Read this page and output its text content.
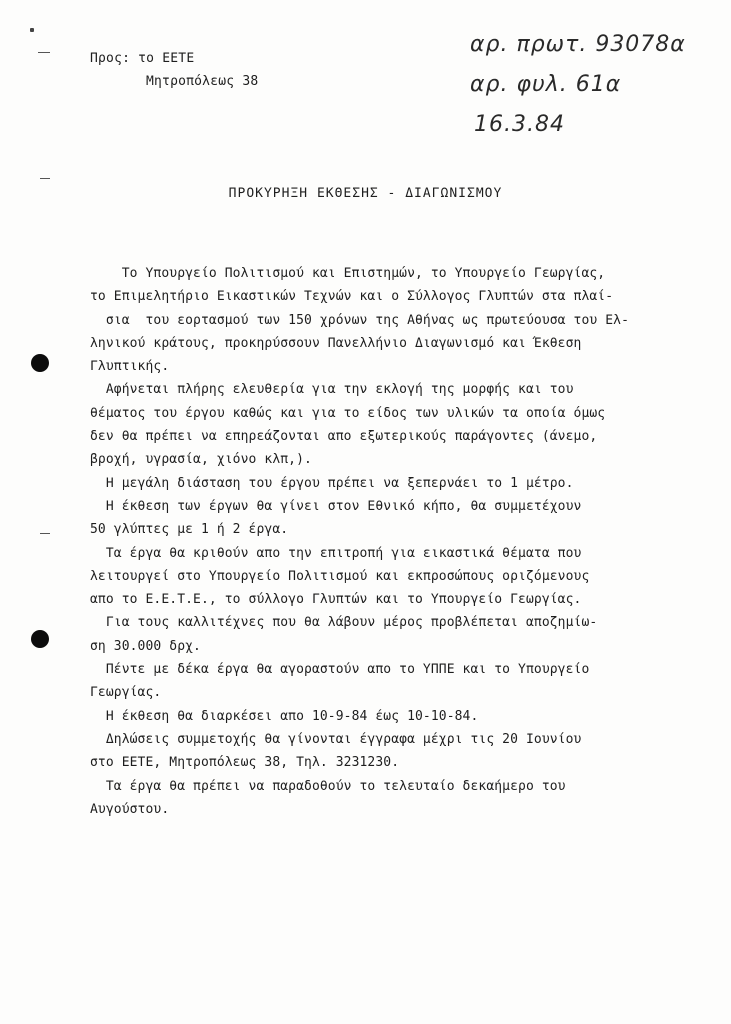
Προς: το ΕΕΤΕ
Μητροπόλεως 38
αρ. πρωτ. 93078α
αρ. φυλ. 61α
16.3.84
ΠΡΟΚΥΡΗΞΗ ΕΚΘΕΣΗΣ - ΔΙΑΓΩΝΙΣΜΟΥ
Το Υπουργείο Πολιτισμού και Επιστημών, το Υπουργείο Γεωργίας,
το Επιμελητήριο Εικαστικών Τεχνών και ο Σύλλογος Γλυπτών στα πλαί-
σια  του εορτασμού των 150 χρόνων της Αθήνας ως πρωτεύουσα του Ελ-
ληνικού κράτους, προκηρύσσουν Πανελλήνιο Διαγωνισμό και Έκθεση
Γλυπτικής.
Αφήνεται πλήρης ελευθερία για την εκλογή της μορφής και του
θέματος του έργου καθώς και για το είδος των υλικών τα οποία όμως
δεν θα πρέπει να επηρεάζονται απο εξωτερικούς παράγοντες (άνεμο,
βροχή, υγρασία, χιόνο κλπ,).
Η μεγάλη διάσταση του έργου πρέπει να ξεπερνάει το 1 μέτρο.
Η έκθεση των έργων θα γίνει στον Εθνικό κήπο, θα συμμετέχουν
50 γλύπτες με 1 ή 2 έργα.
Τα έργα θα κριθούν απο την επιτροπή για εικαστικά θέματα που
λειτουργεί στο Υπουργείο Πολιτισμού και εκπροσώπους οριζόμενους
απο το Ε.Ε.Τ.Ε., το σύλλογο Γλυπτών και το Υπουργείο Γεωργίας.
Για τους καλλιτέχνες που θα λάβουν μέρος προβλέπεται αποζημίω-
ση 30.000 δρχ.
Πέντε με δέκα έργα θα αγοραστούν απο το ΥΠΠΕ και το Υπουργείο
Γεωργίας.
Η έκθεση θα διαρκέσει απο 10-9-84 έως 10-10-84.
Δηλώσεις συμμετοχής θα γίνονται έγγραφα μέχρι τις 20 Ιουνίου
στο ΕΕΤΕ, Μητροπόλεως 38, Τηλ. 3231230.
Τα έργα θα πρέπει να παραδοθούν το τελευταίο δεκαήμερο του
Αυγούστου.
